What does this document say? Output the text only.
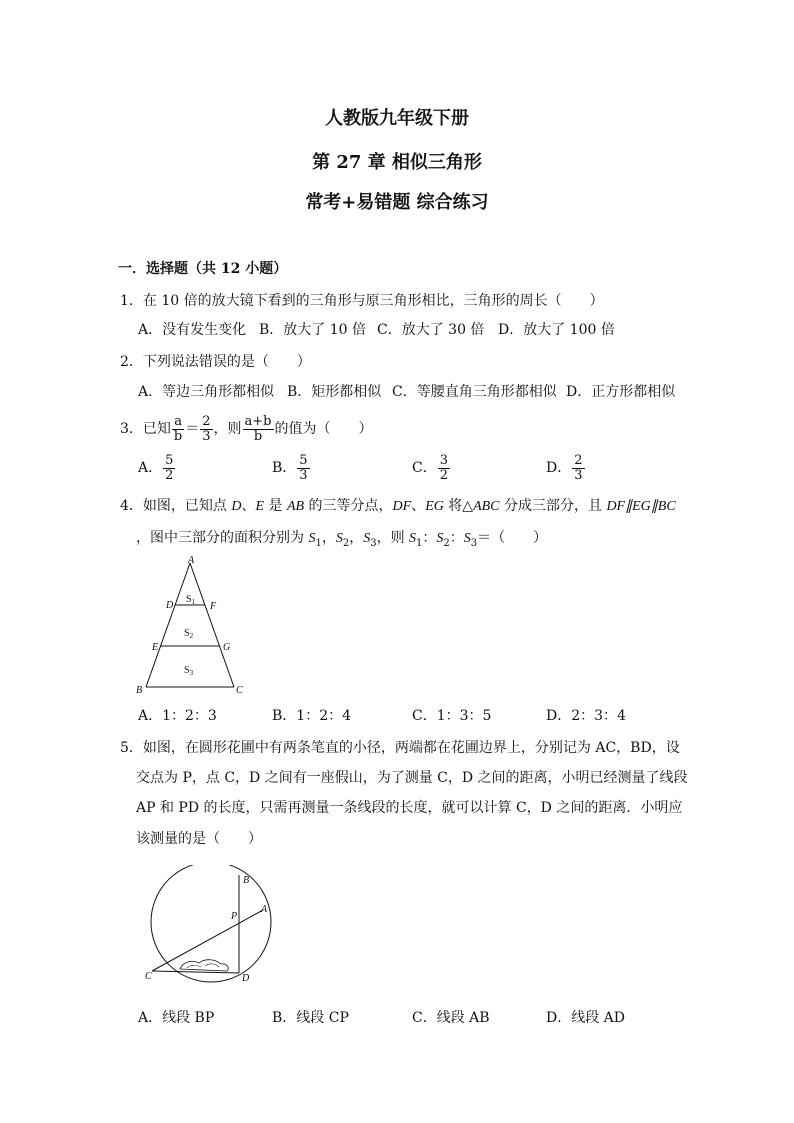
人教版九年级下册
第 27 章 相似三角形
常考+易错题 综合练习
一．选择题（共 12 小题）
1．在 10 倍的放大镜下看到的三角形与原三角形相比，三角形的周长（　　）
A．没有发生变化 B．放大了 10 倍 C．放大了 30 倍 D．放大了 100 倍
2．下列说法错误的是（　　）
A．等边三角形都相似 B．矩形都相似 C．等腰直角三角形都相似 D．正方形都相似
3．已知 $\frac{a}{b} = \frac{2}{3}$ ，则 $\frac{a+b}{b}$ 的值为（　　）
A． $\frac{5}{2}$	B． $\frac{5}{3}$	C． $\frac{3}{2}$	D． $\frac{2}{3}$
4．如图，已知点 D、E 是 AB 的三等分点，DF、EG 将△ABC 分成三部分，且 DF∥EG∥BC
，图中三部分的面积分别为 $S_1$，$S_2$，$S_3$，则 $S_1$：$S_2$：$S_3=$（　　）
A
D	F
E	G
B	C
$S_1$
$S_2$
$S_3$
A．1：2：3	B．1：2：4	C．1：3：5	D．2：3：4
5．如图，在圆形花圃中有两条笔直的小径，两端都在花圃边界上，分别记为 AC，BD，设
交点为 P，点 C，D 之间有一座假山，为了测量 C，D 之间的距离，小明已经测量了线段
AP 和 PD 的长度，只需再测量一条线段的长度，就可以计算 C，D 之间的距离．小明应
该测量的是（　　）
B
A
P
C	D
A．线段 BP	B．线段 CP	C．线段 AB	D．线段 AD
